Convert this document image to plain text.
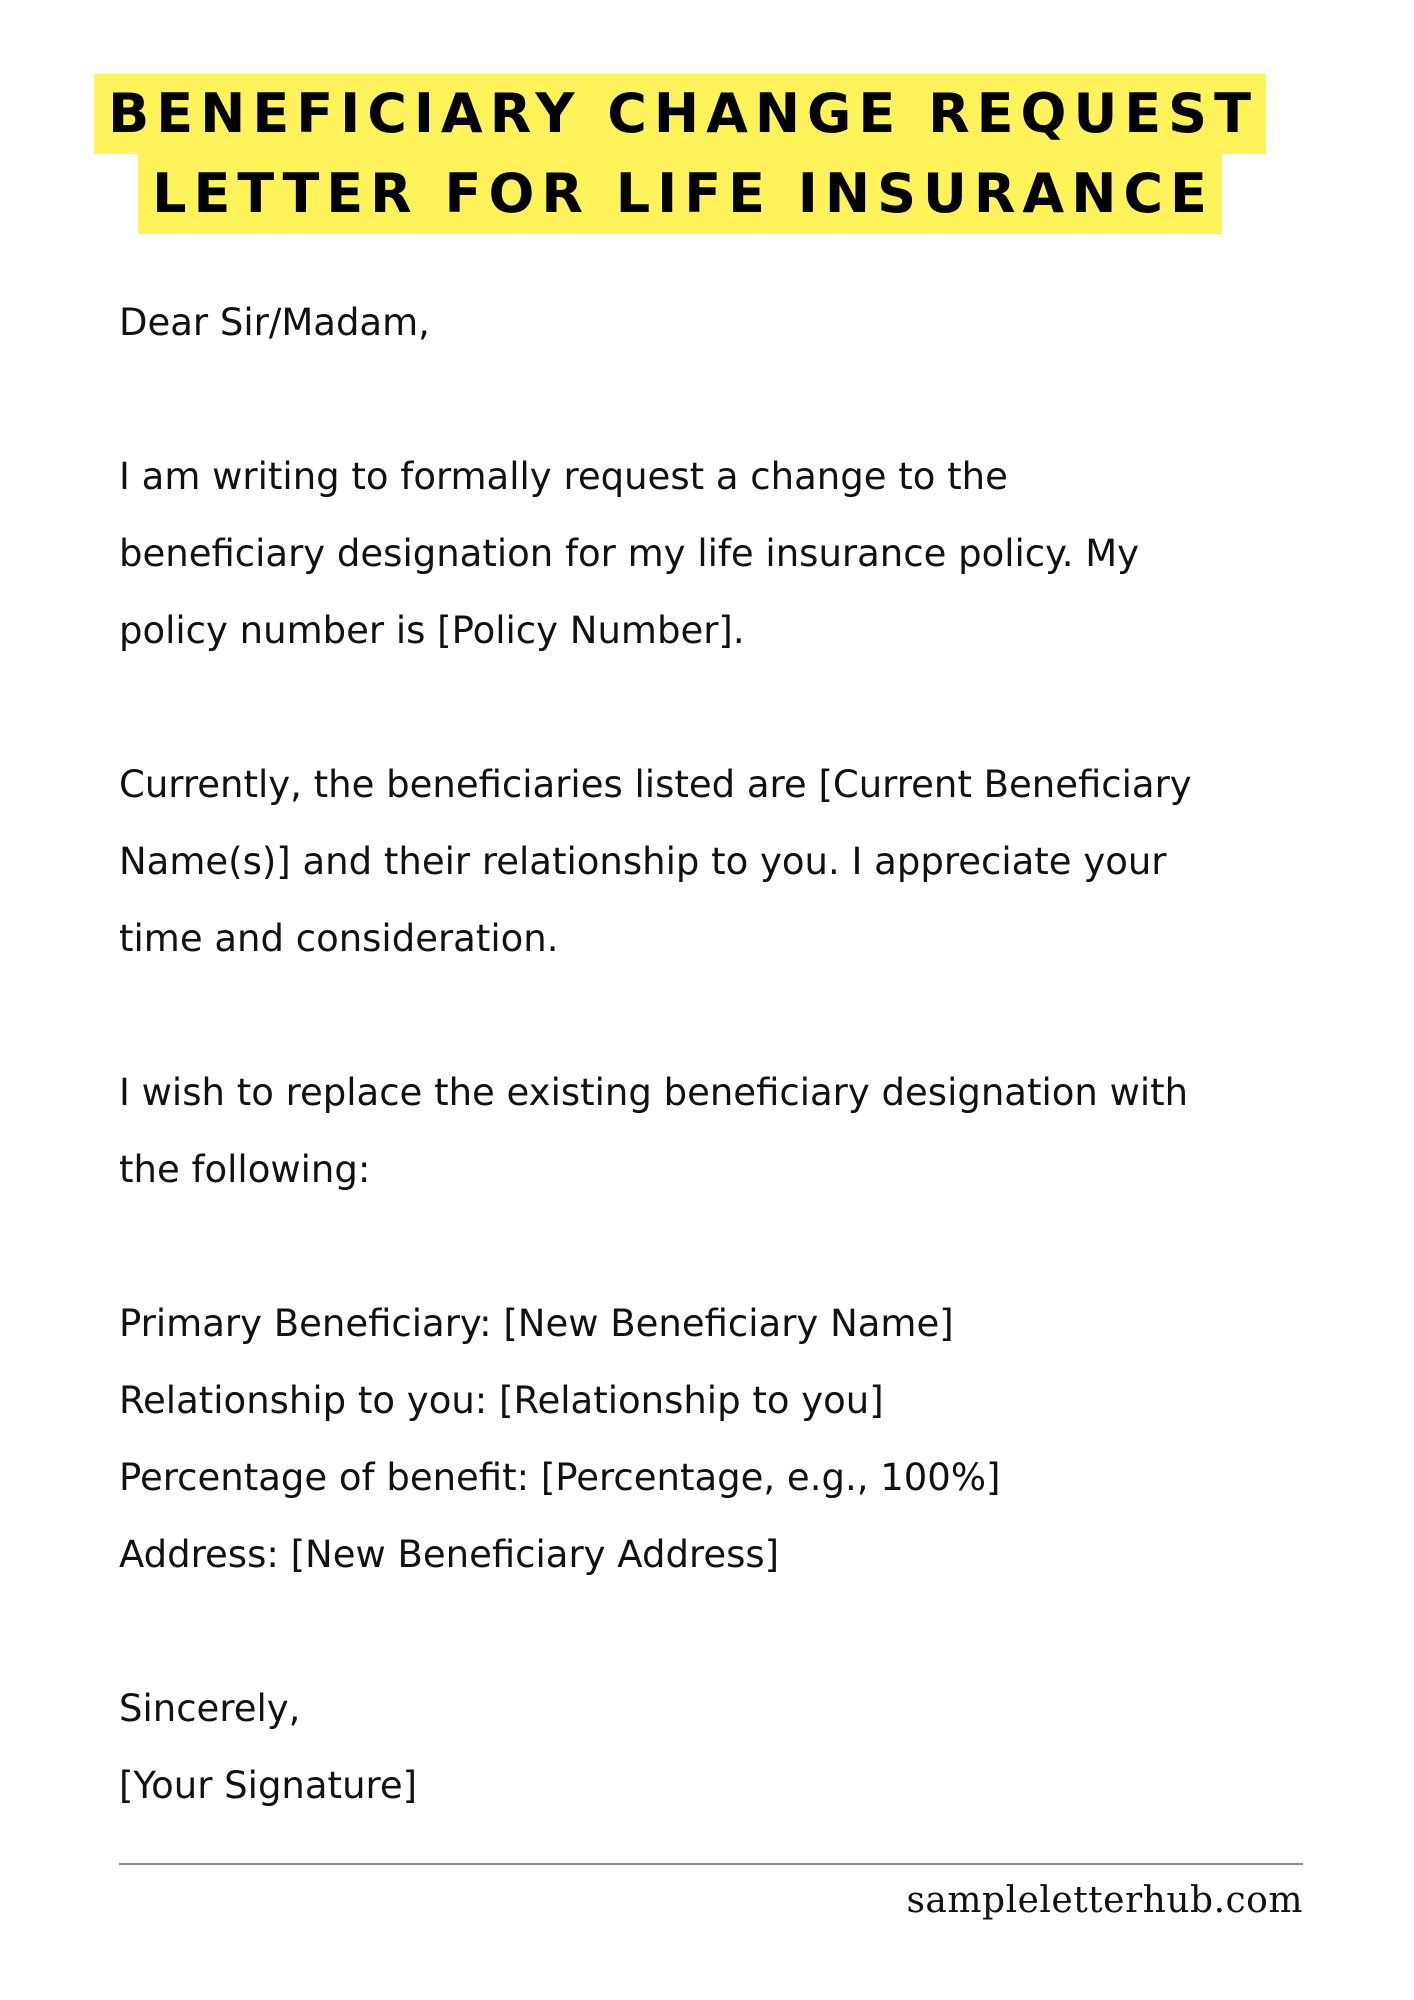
BENEFICIARY CHANGE REQUEST
LETTER FOR LIFE INSURANCE

Dear Sir/Madam,

I am writing to formally request a change to the
beneficiary designation for my life insurance policy. My
policy number is [Policy Number].

Currently, the beneficiaries listed are [Current Beneficiary
Name(s)] and their relationship to you. I appreciate your
time and consideration.

I wish to replace the existing beneficiary designation with
the following:

Primary Beneficiary: [New Beneficiary Name]
Relationship to you: [Relationship to you]
Percentage of benefit: [Percentage, e.g., 100%]
Address: [New Beneficiary Address]

Sincerely,
[Your Signature]

sampleletterhub.com
